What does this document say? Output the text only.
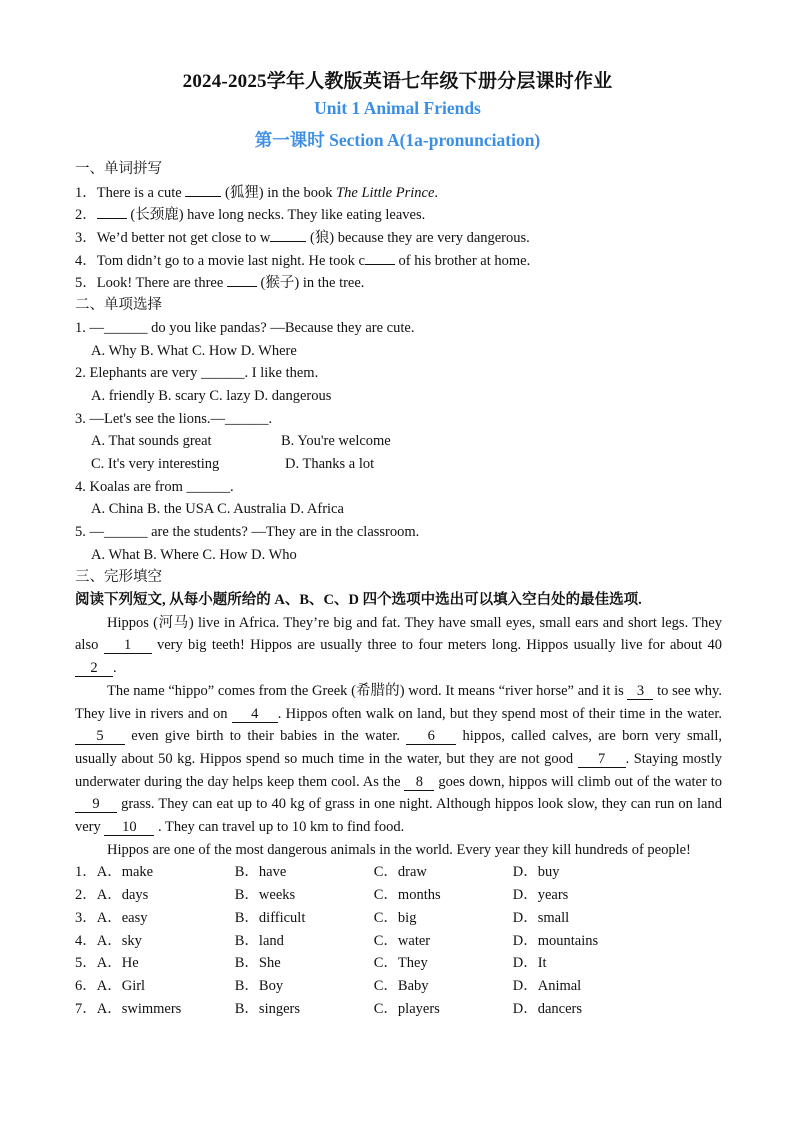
2024-2025学年人教版英语七年级下册分层课时作业
Unit 1 Animal Friends
第一课时 Section A(1a-pronunciation)
一、单词拼写
1．There is a cute  (狐狸) in the book The Little Prince.
2． (长颈鹿) have long necks. They like eating leaves.
3．We’d better not get close to w (狼) because they are very dangerous.
4．Tom didn’t go to a movie last night. He took c of his brother at home.
5．Look! There are three  (猴子) in the tree.
二、单项选择
1. —______ do you like pandas? —Because they are cute.
A. Why B. What C. How D. Where
2. Elephants are very ______. I like them.
A. friendly B. scary C. lazy D. dangerous
3. —Let's see the lions.—______.
A. That sounds great	B. You're welcome
C. It's very interesting	D. Thanks a lot
4. Koalas are from ______.
A. China B. the USA C. Australia D. Africa
5. —______ are the students? —They are in the classroom.
A. What B. Where C. How D. Who
三、完形填空
阅读下列短文, 从每小题所给的 A、B、C、D 四个选项中选出可以填入空白处的最佳选项.

Hippos (河马) live in Africa. They’re big and fat. They have small eyes, small ears and short legs. They also 1 very big teeth! Hippos are usually three to four meters long. Hippos usually live for about 40 2 .

The name “hippo” comes from the Greek (希腊的) word. It means “river horse” and it is 3 to see why. They live in rivers and on 4 . Hippos often walk on land, but they spend most of their time in the water. 5 even give birth to their babies in the water. 6 hippos, called calves, are born very small, usually about 50 kg. Hippos spend so much time in the water, but they are not good 7 . Staying mostly underwater during the day helps keep them cool. As the 8 goes down, hippos will climb out of the water to 9 grass. They can eat up to 40 kg of grass in one night. Although hippos look slow, they can run on land very 10 . They can travel up to 10 km to find food.

Hippos are one of the most dangerous animals in the world. Every year they kill hundreds of people!

1． A．make	B．have	C．draw	D．buy
2． A．days	B．weeks	C．months	D．years
3． A．easy	B．difficult	C．big	D．small
4． A．sky	B．land	C．water	D．mountains
5． A．He	B．She	C．They	D．It
6． A．Girl	B．Boy	C．Baby	D．Animal
7． A．swimmers	B．singers	C．players	D．dancers
